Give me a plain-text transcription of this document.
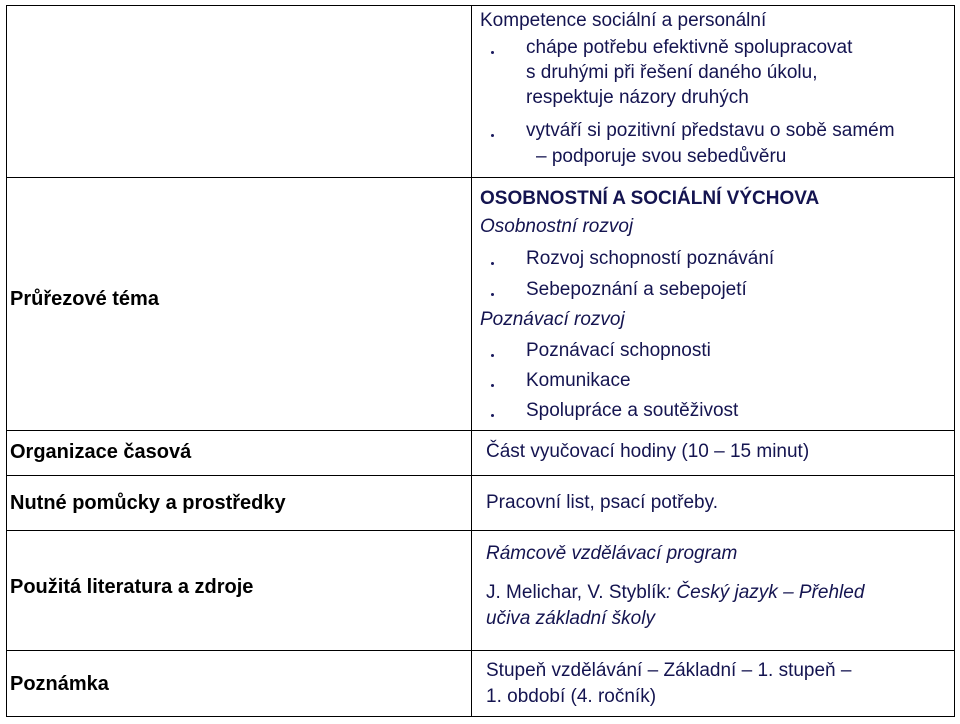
Kompetence sociální a personální
chápe potřebu efektivně spolupracovat
s druhými při řešení daného úkolu,
respektuje názory druhých
vytváří si pozitivní představu o sobě samém
– podporuje svou sebedůvěru
Průřezové téma
OSOBNOSTNÍ A SOCIÁLNÍ VÝCHOVA
Osobnostní rozvoj
Rozvoj schopností poznávání
Sebepoznání a sebepojetí
Poznávací rozvoj
Poznávací schopnosti
Komunikace
Spolupráce a soutěživost
Organizace časová	Část vyučovací hodiny (10 – 15 minut)
Nutné pomůcky a prostředky	Pracovní list, psací potřeby.
Použitá literatura a zdroje
Rámcově vzdělávací program
J. Melichar, V. Styblík: Český jazyk – Přehled
učiva základní školy
Poznámka
Stupeň vzdělávání – Základní – 1. stupeň –
1. období (4. ročník)
